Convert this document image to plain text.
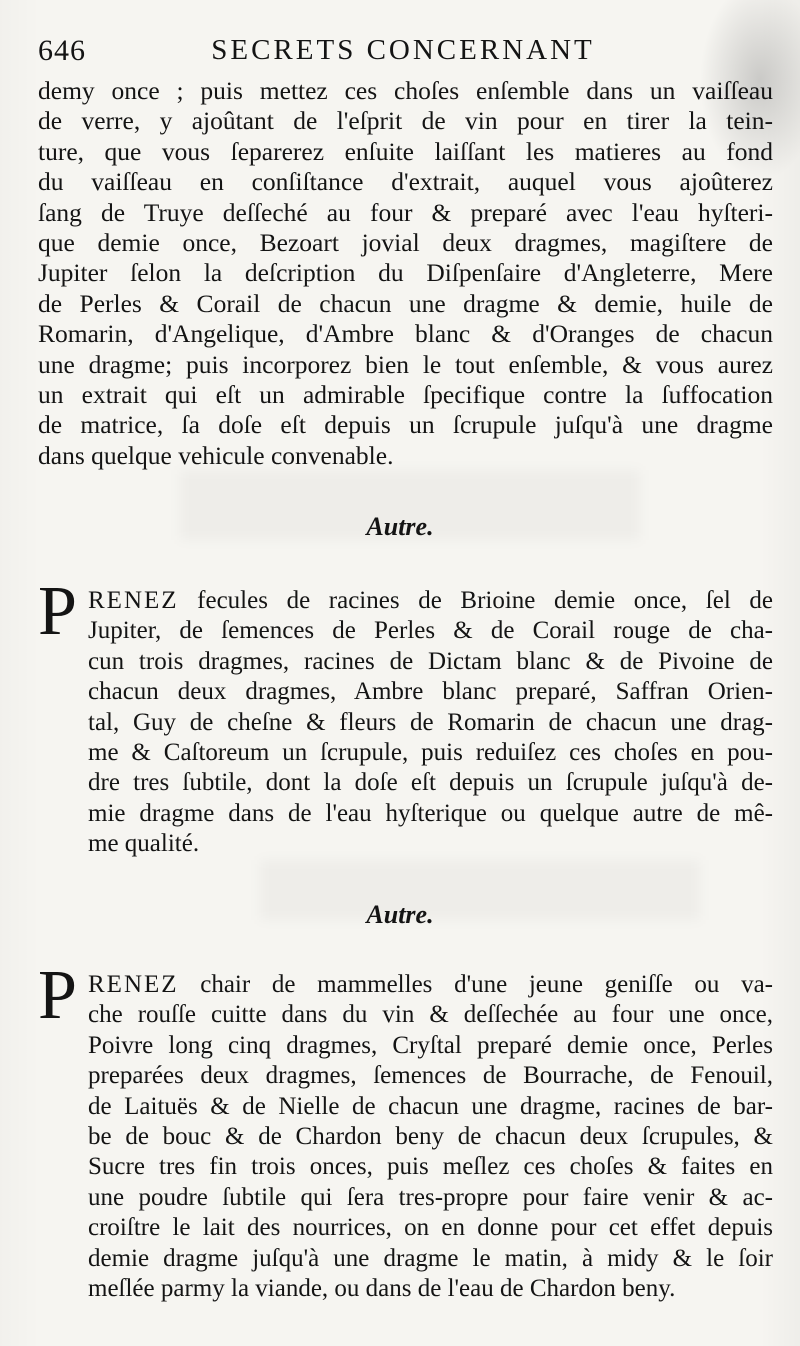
646	SECRETS CONCERNANT
demy once ; puis mettez ces choſes enſemble dans un vaiſſeau
de verre, y ajoûtant de l'eſprit de vin pour en tirer la tein-
ture, que vous ſeparerez enſuite laiſſant les matieres au fond
du vaiſſeau en conſiſtance d'extrait, auquel vous ajoûterez
ſang de Truye deſſeché au four & preparé avec l'eau hyſteri-
que demie once, Bezoart jovial deux dragmes, magiſtere de
Jupiter ſelon la deſcription du Diſpenſaire d'Angleterre, Mere
de Perles & Corail de chacun une dragme & demie, huile de
Romarin, d'Angelique, d'Ambre blanc & d'Oranges de chacun
une dragme; puis incorporez bien le tout enſemble, & vous aurez
un extrait qui eſt un admirable ſpecifique contre la ſuffocation
de matrice, ſa doſe eſt depuis un ſcrupule juſqu'à une dragme
dans quelque vehicule convenable.
Autre.
P RENEZ fecules de racines de Brioine demie once, ſel de
Jupiter, de ſemences de Perles & de Corail rouge de cha-
cun trois dragmes, racines de Dictam blanc & de Pivoine de
chacun deux dragmes, Ambre blanc preparé, Saffran Orien-
tal, Guy de cheſne & fleurs de Romarin de chacun une drag-
me & Caſtoreum un ſcrupule, puis reduiſez ces choſes en pou-
dre tres ſubtile, dont la doſe eſt depuis un ſcrupule juſqu'à de-
mie dragme dans de l'eau hyſterique ou quelque autre de mê-
me qualité.
Autre.
P RENEZ chair de mammelles d'une jeune geniſſe ou va-
che rouſſe cuitte dans du vin & deſſechée au four une once,
Poivre long cinq dragmes, Cryſtal preparé demie once, Perles
preparées deux dragmes, ſemences de Bourrache, de Fenouil,
de Laituës & de Nielle de chacun une dragme, racines de bar-
be de bouc & de Chardon beny de chacun deux ſcrupules, &
Sucre tres fin trois onces, puis meſlez ces choſes & faites en
une poudre ſubtile qui ſera tres-propre pour faire venir & ac-
croiſtre le lait des nourrices, on en donne pour cet effet depuis
demie dragme juſqu'à une dragme le matin, à midy & le ſoir
meſlée parmy la viande, ou dans de l'eau de Chardon beny.
